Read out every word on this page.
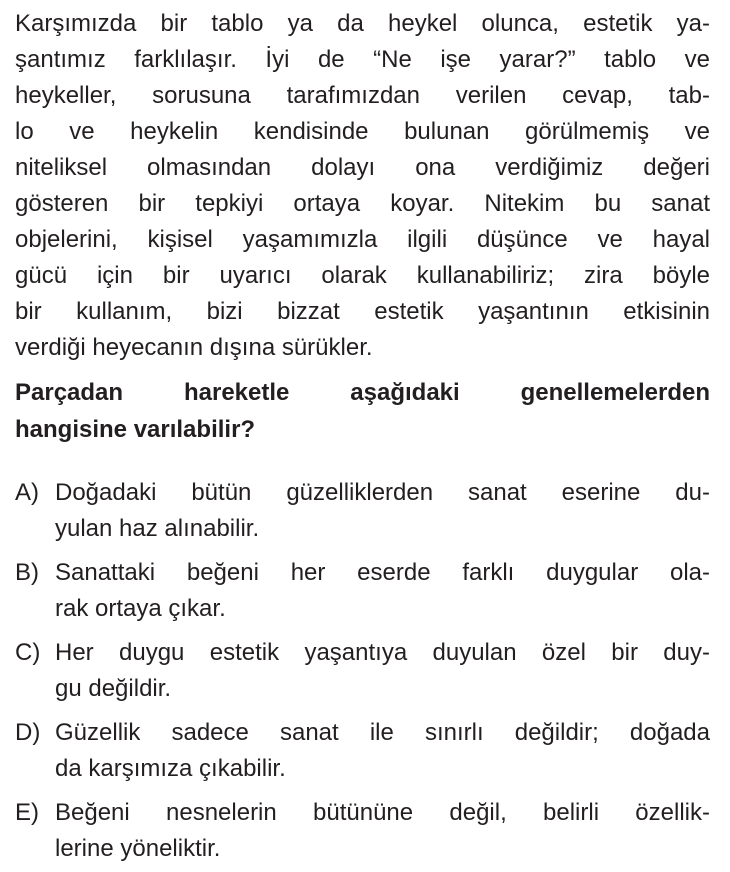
Karşımızda bir tablo ya da heykel olunca, estetik ya-
şantımız farklılaşır. İyi de “Ne işe yarar?” tablo ve
heykeller, sorusuna tarafımızdan verilen cevap, tab-
lo ve heykelin kendisinde bulunan görülmemiş ve
niteliksel olmasından dolayı ona verdiğimiz değeri
gösteren bir tepkiyi ortaya koyar. Nitekim bu sanat
objelerini, kişisel yaşamımızla ilgili düşünce ve hayal
gücü için bir uyarıcı olarak kullanabiliriz; zira böyle
bir kullanım, bizi bizzat estetik yaşantının etkisinin
verdiği heyecanın dışına sürükler.
Parçadan hareketle aşağıdaki genellemelerden
hangisine varılabilir?
A) Doğadaki bütün güzelliklerden sanat eserine du-
yulan haz alınabilir.
B) Sanattaki beğeni her eserde farklı duygular ola-
rak ortaya çıkar.
C) Her duygu estetik yaşantıya duyulan özel bir duy-
gu değildir.
D) Güzellik sadece sanat ile sınırlı değildir; doğada
da karşımıza çıkabilir.
E) Beğeni nesnelerin bütününe değil, belirli özellik-
lerine yöneliktir.
